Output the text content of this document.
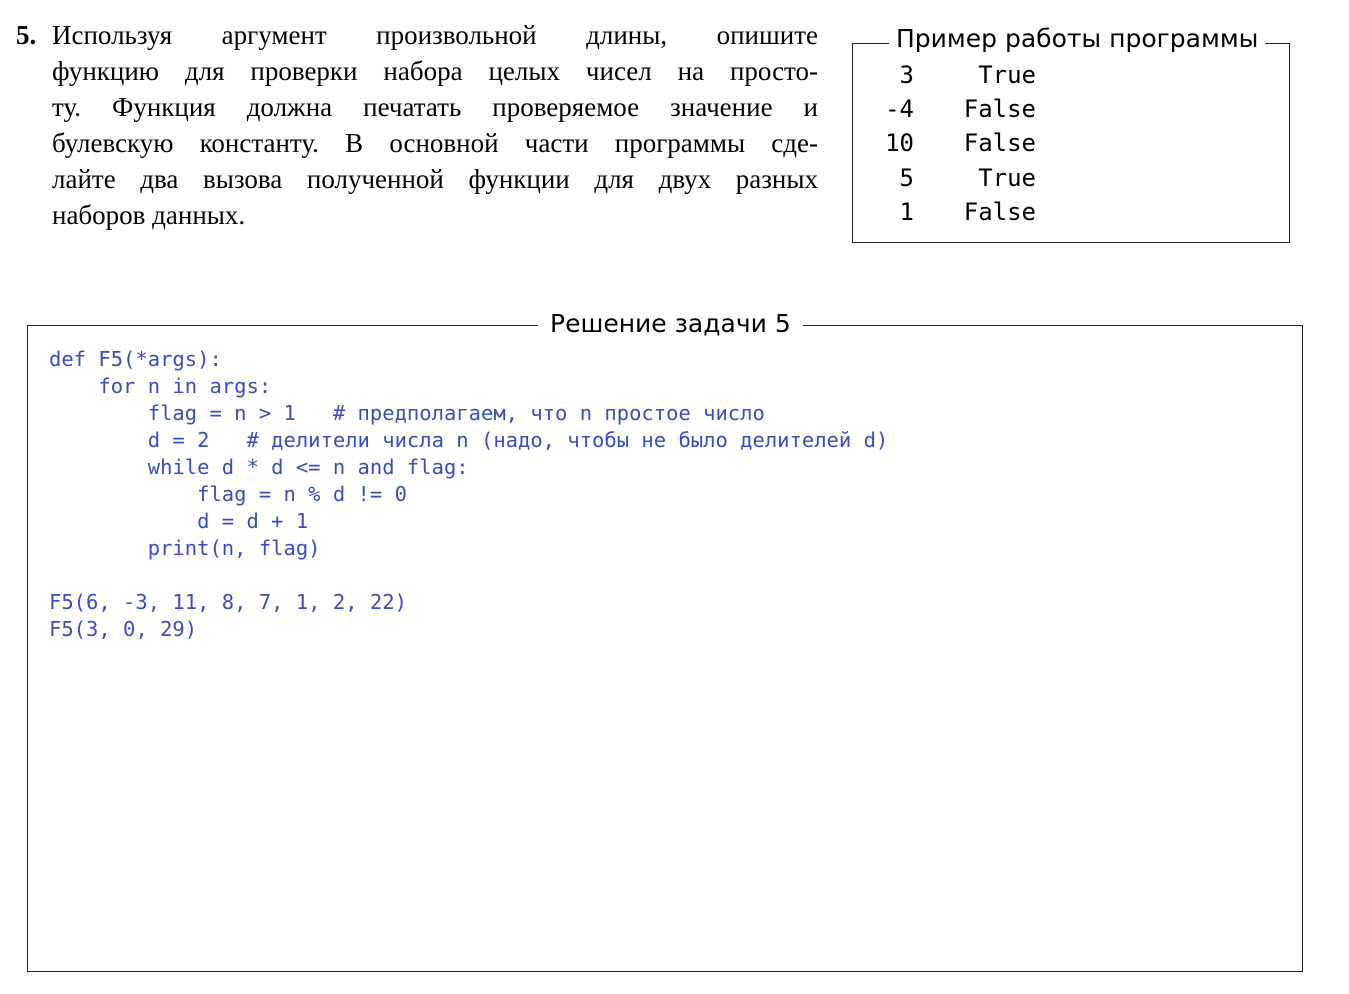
5. Используя аргумент произвольной длины, опишите
функцию для проверки набора целых чисел на просто-
ту. Функция должна печатать проверяемое значение и
булевскую константу. В основной части программы сде-
лайте два вызова полученной функции для двух разных
наборов данных.
Пример работы программы
3	True
-4 False
10 False
5	True
1 False
Решение задачи 5
def F5(*args):
for n in args:
flag = n > 1   # предполагаем, что n простое число
d = 2   # делители числа n (надо, чтобы не было делителей d)
while d * d <= n and flag:
flag = n % d != 0
d = d + 1
print(n, flag)
F5(6, -3, 11, 8, 7, 1, 2, 22)
F5(3, 0, 29)
